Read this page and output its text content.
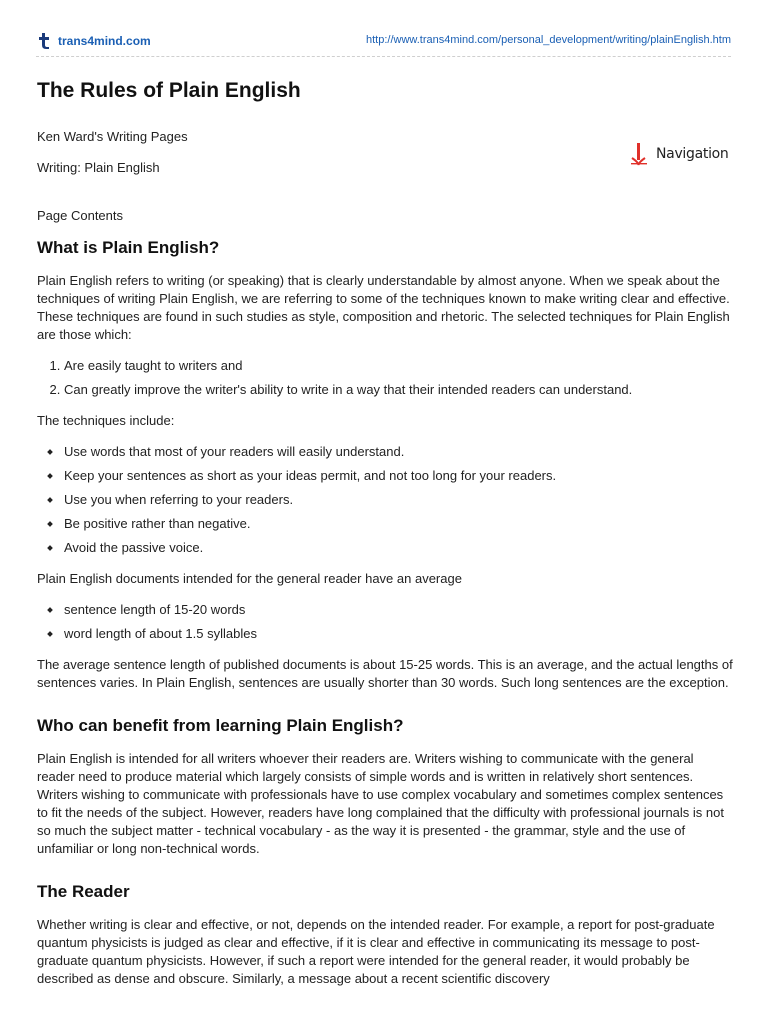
trans4mind.com	http://www.trans4mind.com/personal_development/writing/plainEnglish.htm
The Rules of Plain English

Ken Ward's Writing Pages

Writing: Plain English

Page Contents

Navigation
What is Plain English?

Plain English refers to writing (or speaking) that is clearly understandable by almost anyone. When we speak about the techniques of writing Plain English, we are referring to some of the techniques known to make writing clear and effective. These techniques are found in such studies as style, composition and rhetoric. The selected techniques for Plain English are those which:

1. Are easily taught to writers and
2. Can greatly improve the writer's ability to write in a way that their intended readers can understand.

The techniques include:

Use words that most of your readers will easily understand.
Keep your sentences as short as your ideas permit, and not too long for your readers.
Use you when referring to your readers.
Be positive rather than negative.
Avoid the passive voice.

Plain English documents intended for the general reader have an average

sentence length of 15-20 words
word length of about 1.5 syllables

The average sentence length of published documents is about 15-25 words. This is an average, and the actual lengths of sentences varies. In Plain English, sentences are usually shorter than 30 words. Such long sentences are the exception.

Who can benefit from learning Plain English?

Plain English is intended for all writers whoever their readers are. Writers wishing to communicate with the general reader need to produce material which largely consists of simple words and is written in relatively short sentences. Writers wishing to communicate with professionals have to use complex vocabulary and sometimes complex sentences to fit the needs of the subject. However, readers have long complained that the difficulty with professional journals is not so much the subject matter - technical vocabulary - as the way it is presented - the grammar, style and the use of unfamiliar or long non-technical words.

The Reader

Whether writing is clear and effective, or not, depends on the intended reader. For example, a report for post-graduate quantum physicists is judged as clear and effective, if it is clear and effective in communicating its message to post-graduate quantum physicists. However, if such a report were intended for the general reader, it would probably be described as dense and obscure. Similarly, a message about a recent scientific discovery
